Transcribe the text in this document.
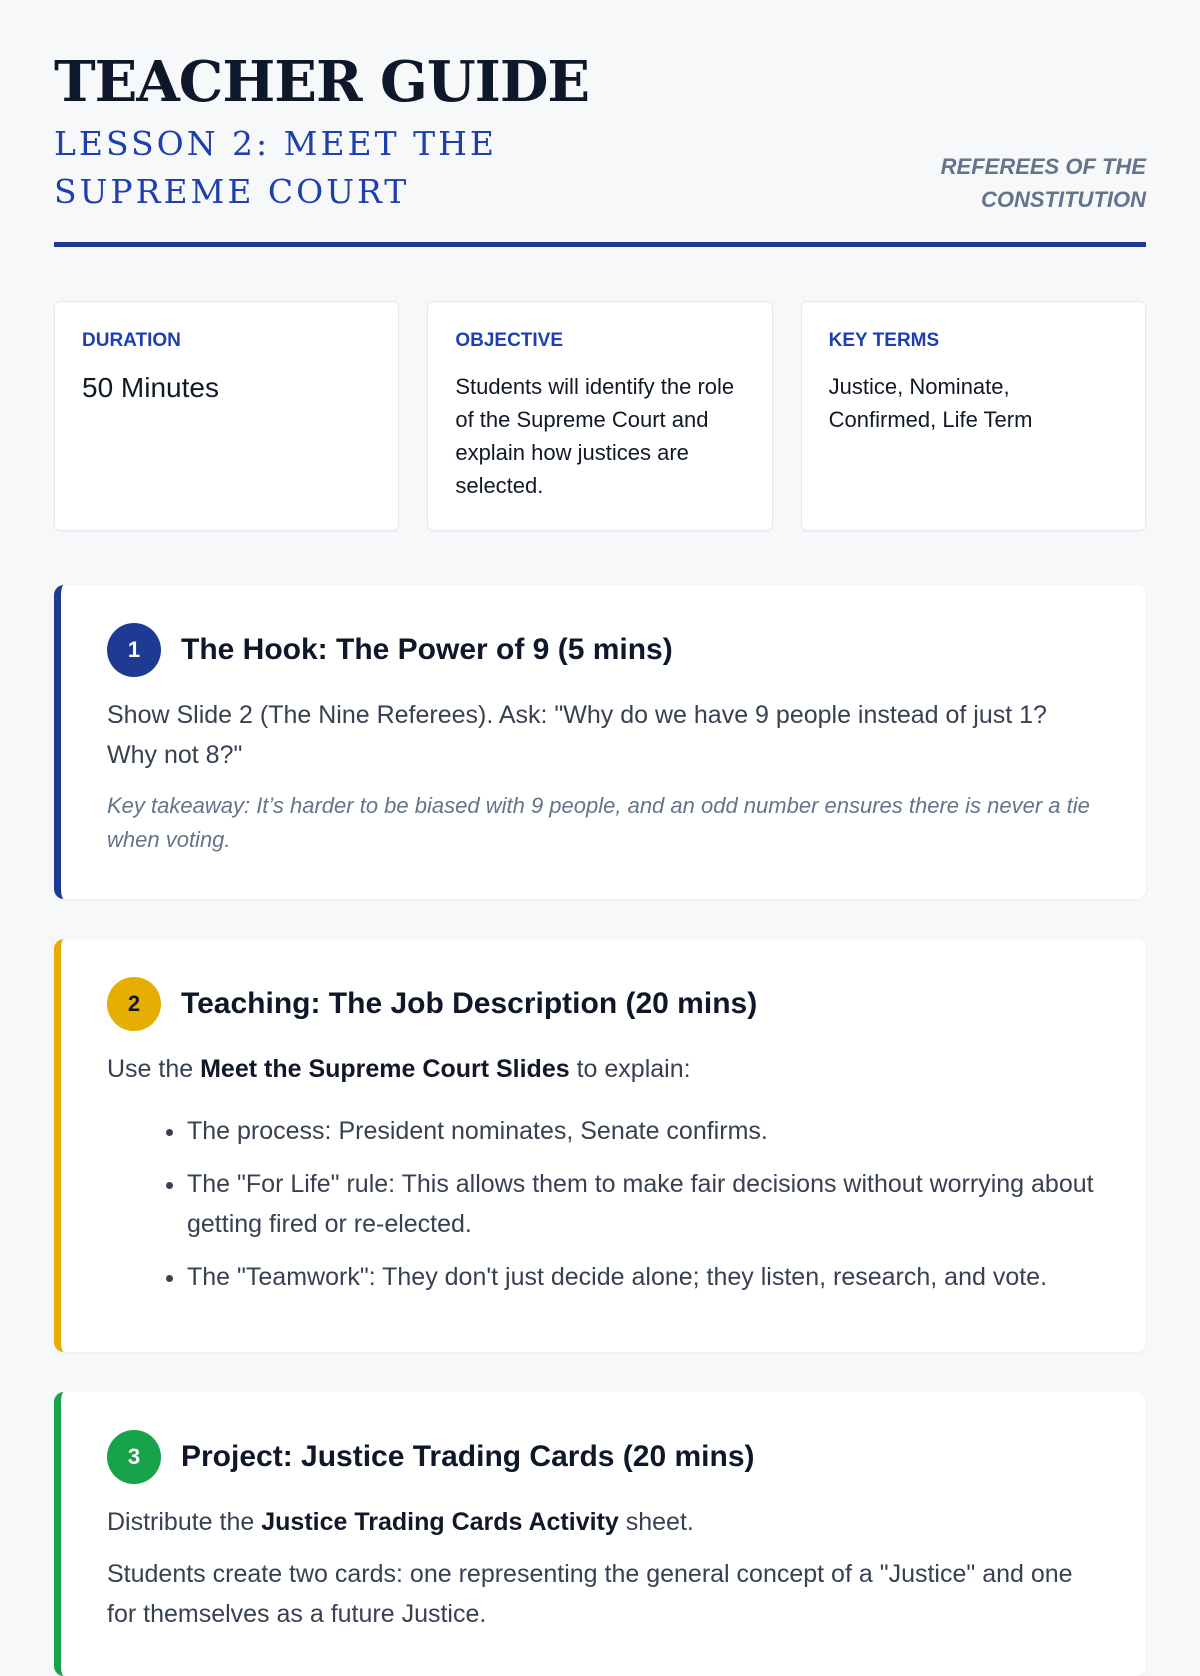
TEACHER GUIDE
LESSON 2: MEET THE SUPREME COURT
REFEREES OF THE CONSTITUTION
DURATION
50 Minutes
OBJECTIVE
Students will identify the role of the Supreme Court and explain how justices are selected.
KEY TERMS
Justice, Nominate, Confirmed, Life Term
1	The Hook: The Power of 9 (5 mins)

Show Slide 2 (The Nine Referees). Ask: "Why do we have 9 people instead of just 1? Why not 8?"

Key takeaway: It’s harder to be biased with 9 people, and an odd number ensures there is never a tie when voting.

2	Teaching: The Job Description (20 mins)

Use the Meet the Supreme Court Slides to explain:

• The process: President nominates, Senate confirms.
• The "For Life" rule: This allows them to make fair decisions without worrying about getting fired or re-elected.
• The "Teamwork": They don't just decide alone; they listen, research, and vote.
3	Project: Justice Trading Cards (20 mins)

Distribute the Justice Trading Cards Activity sheet.

Students create two cards: one representing the general concept of a "Justice" and one for themselves as a future Justice.
